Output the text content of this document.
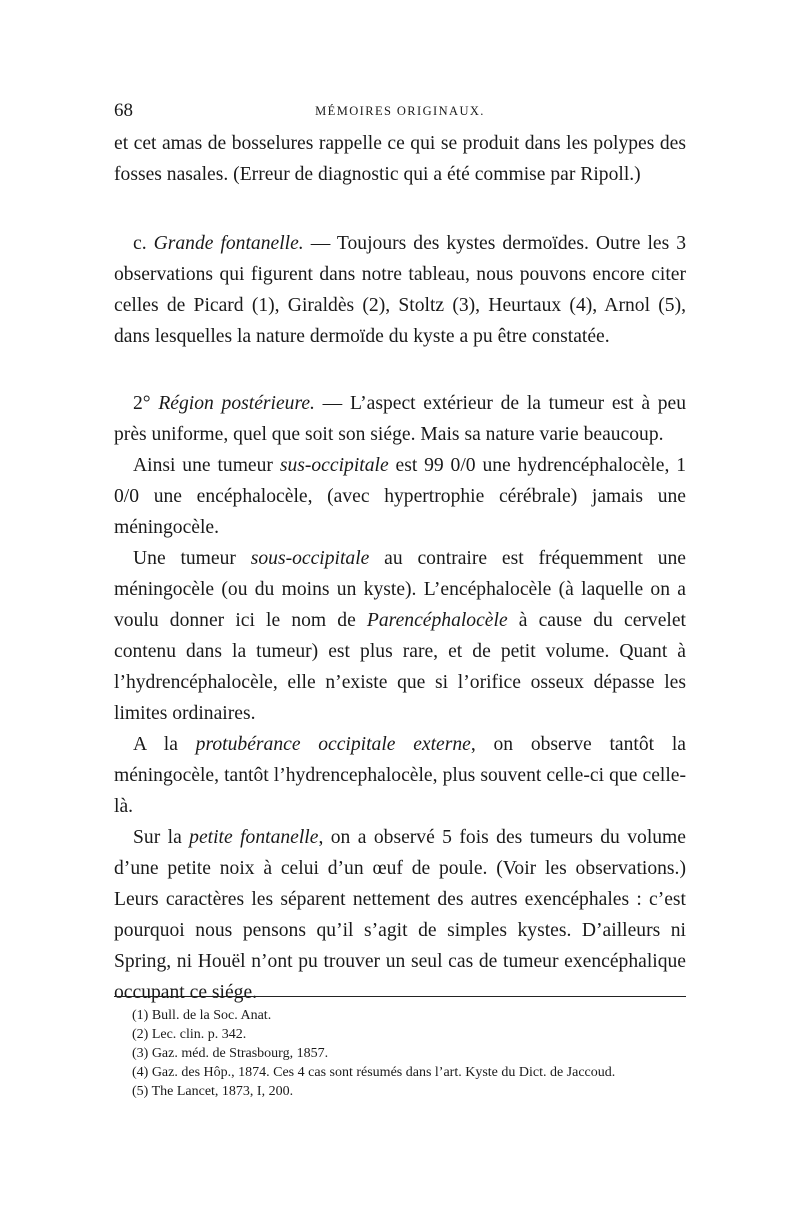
68	MÉMOIRES ORIGINAUX.

et cet amas de bosselures rappelle ce qui se produit dans les polypes des fosses nasales. (Erreur de diagnostic qui a été commise par Ripoll.)

c. Grande fontanelle. — Toujours des kystes dermoïdes. Outre les 3 observations qui figurent dans notre tableau, nous pouvons encore citer celles de Picard (1), Giraldès (2), Stoltz (3), Heurtaux (4), Arnol (5), dans lesquelles la nature dermoïde du kyste a pu être constatée.

2° Région postérieure. — L’aspect extérieur de la tumeur est à peu près uniforme, quel que soit son siége. Mais sa nature varie beaucoup.

Ainsi une tumeur sus-occipitale est 99 0/0 une hydrencéphalocèle, 1 0/0 une encéphalocèle, (avec hypertrophie cérébrale) jamais une méningocèle.

Une tumeur sous-occipitale au contraire est fréquemment une méningocèle (ou du moins un kyste). L’encéphalocèle (à laquelle on a voulu donner ici le nom de Parencéphalocèle à cause du cervelet contenu dans la tumeur) est plus rare, et de petit volume. Quant à l’hydrencéphalocèle, elle n’existe que si l’orifice osseux dépasse les limites ordinaires.

A la protubérance occipitale externe, on observe tantôt la méningocèle, tantôt l’hydrencephalocèle, plus souvent celle-ci que celle-là.

Sur la petite fontanelle, on a observé 5 fois des tumeurs du volume d’une petite noix à celui d’un œuf de poule. (Voir les observations.) Leurs caractères les séparent nettement des autres exencéphales : c’est pourquoi nous pensons qu’il s’agit de simples kystes. D’ailleurs ni Spring, ni Houël n’ont pu trouver un seul cas de tumeur exencéphalique occupant ce siége.

(1) Bull. de la Soc. Anat.

(2) Lec. clin. p. 342.

(3) Gaz. méd. de Strasbourg, 1857.

(4) Gaz. des Hôp., 1874. Ces 4 cas sont résumés dans l’art. Kyste du Dict. de Jaccoud.

(5) The Lancet, 1873, I, 200.
